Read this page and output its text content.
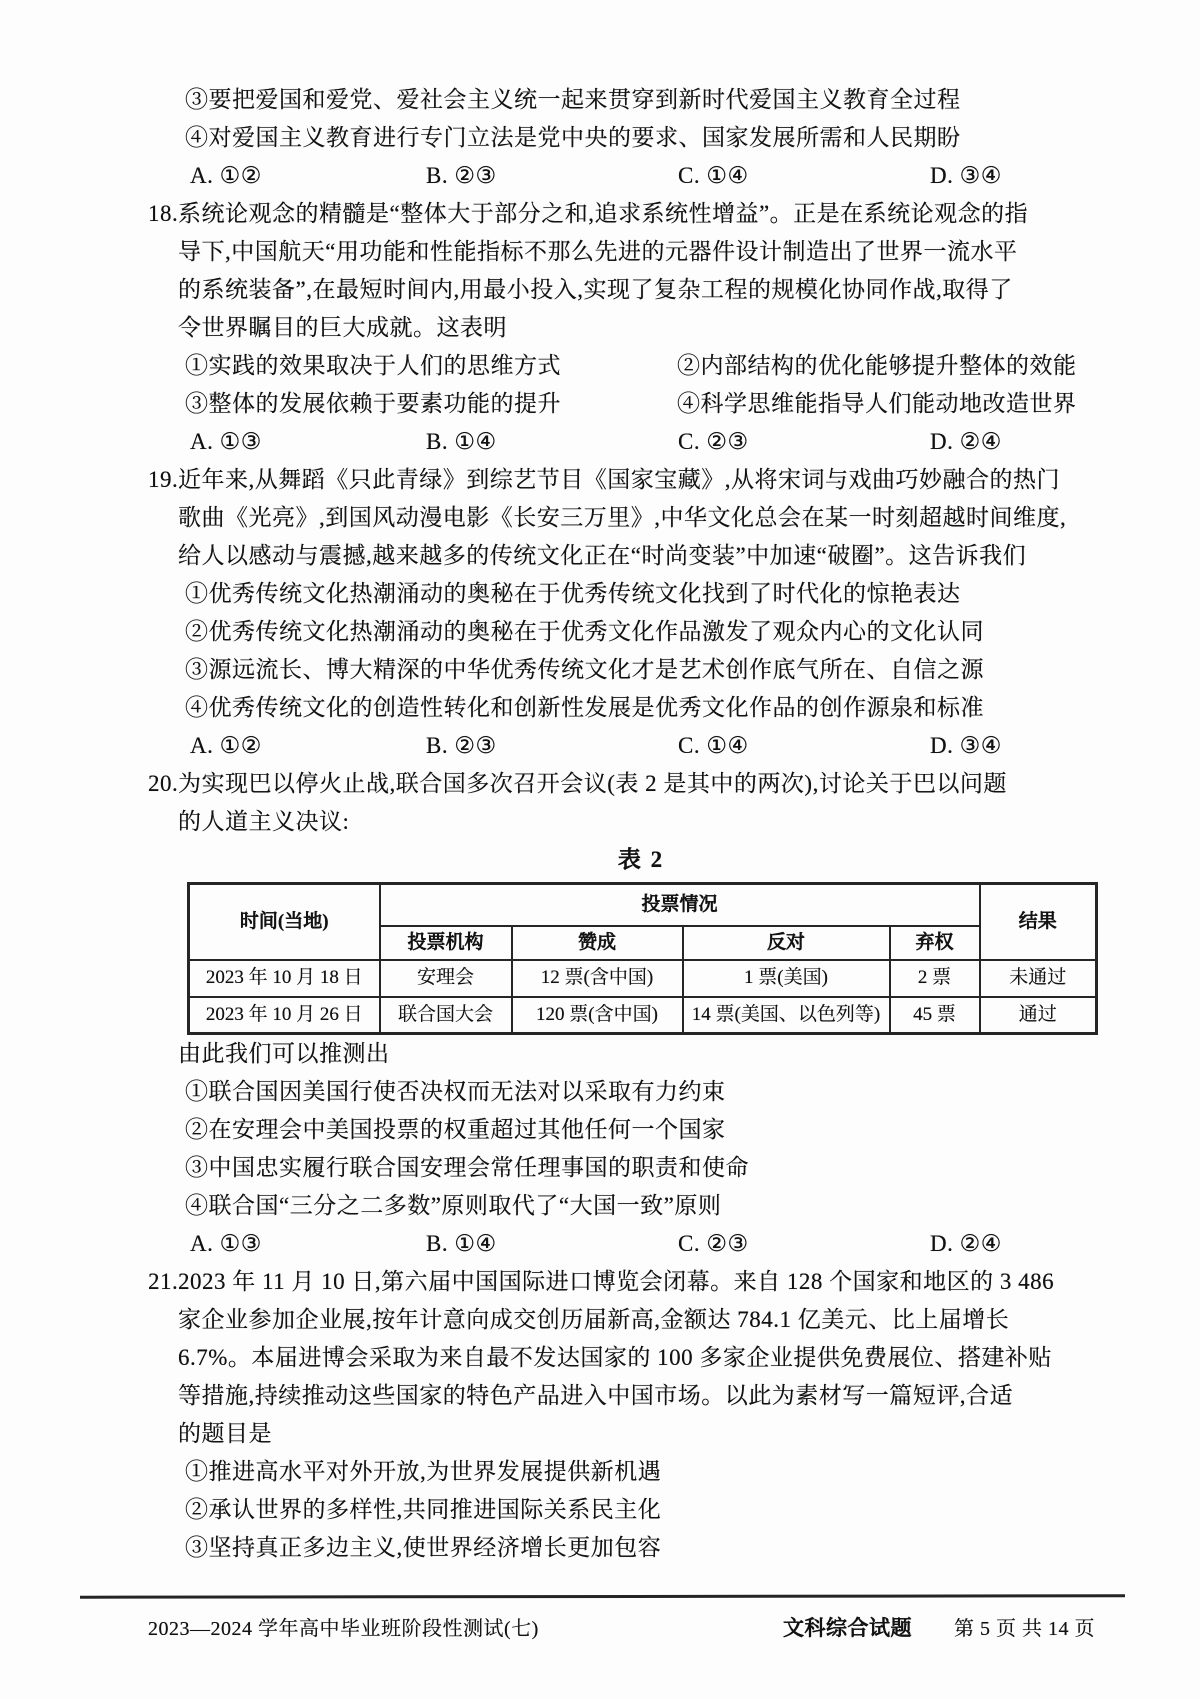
③要把爱国和爱党、爱社会主义统一起来贯穿到新时代爱国主义教育全过程
④对爱国主义教育进行专门立法是党中央的要求、国家发展所需和人民期盼
A. ①②	B. ②③	C. ①④	D. ③④
18. 系统论观念的精髓是“整体大于部分之和,追求系统性增益”。正是在系统论观念的指
导下,中国航天“用功能和性能指标不那么先进的元器件设计制造出了世界一流水平
的系统装备”,在最短时间内,用最小投入,实现了复杂工程的规模化协同作战,取得了
令世界瞩目的巨大成就。这表明
①实践的效果取决于人们的思维方式	②内部结构的优化能够提升整体的效能
③整体的发展依赖于要素功能的提升	④科学思维能指导人们能动地改造世界
A. ①③	B. ①④	C. ②③	D. ②④
19. 近年来,从舞蹈《只此青绿》到综艺节目《国家宝藏》,从将宋词与戏曲巧妙融合的热门
歌曲《光亮》,到国风动漫电影《长安三万里》,中华文化总会在某一时刻超越时间维度,
给人以感动与震撼,越来越多的传统文化正在“时尚变装”中加速“破圈”。这告诉我们
①优秀传统文化热潮涌动的奥秘在于优秀传统文化找到了时代化的惊艳表达
②优秀传统文化热潮涌动的奥秘在于优秀文化作品激发了观众内心的文化认同
③源远流长、博大精深的中华优秀传统文化才是艺术创作底气所在、自信之源
④优秀传统文化的创造性转化和创新性发展是优秀文化作品的创作源泉和标准
A. ①②	B. ②③	C. ①④	D. ③④
20. 为实现巴以停火止战,联合国多次召开会议(表 2 是其中的两次),讨论关于巴以问题
的人道主义决议:
表 2
时间(当地)	投票情况				结果
	投票机构	赞成	反对	弃权	
2023 年 10 月 18 日	安理会	12 票(含中国)	1 票(美国)	2 票	未通过
2023 年 10 月 26 日	联合国大会	120 票(含中国)	14 票(美国、以色列等)	45 票	通过
由此我们可以推测出
①联合国因美国行使否决权而无法对以采取有力约束
②在安理会中美国投票的权重超过其他任何一个国家
③中国忠实履行联合国安理会常任理事国的职责和使命
④联合国“三分之二多数”原则取代了“大国一致”原则
A. ①③	B. ①④	C. ②③	D. ②④
21. 2023 年 11 月 10 日,第六届中国国际进口博览会闭幕。来自 128 个国家和地区的 3 486
家企业参加企业展,按年计意向成交创历届新高,金额达 784.1 亿美元、比上届增长
6.7%。本届进博会采取为来自最不发达国家的 100 多家企业提供免费展位、搭建补贴
等措施,持续推动这些国家的特色产品进入中国市场。以此为素材写一篇短评,合适
的题目是
①推进高水平对外开放,为世界发展提供新机遇
②承认世界的多样性,共同推进国际关系民主化
③坚持真正多边主义,使世界经济增长更加包容
2023—2024 学年高中毕业班阶段性测试(七)	文科综合试题 第 5 页 共 14 页
